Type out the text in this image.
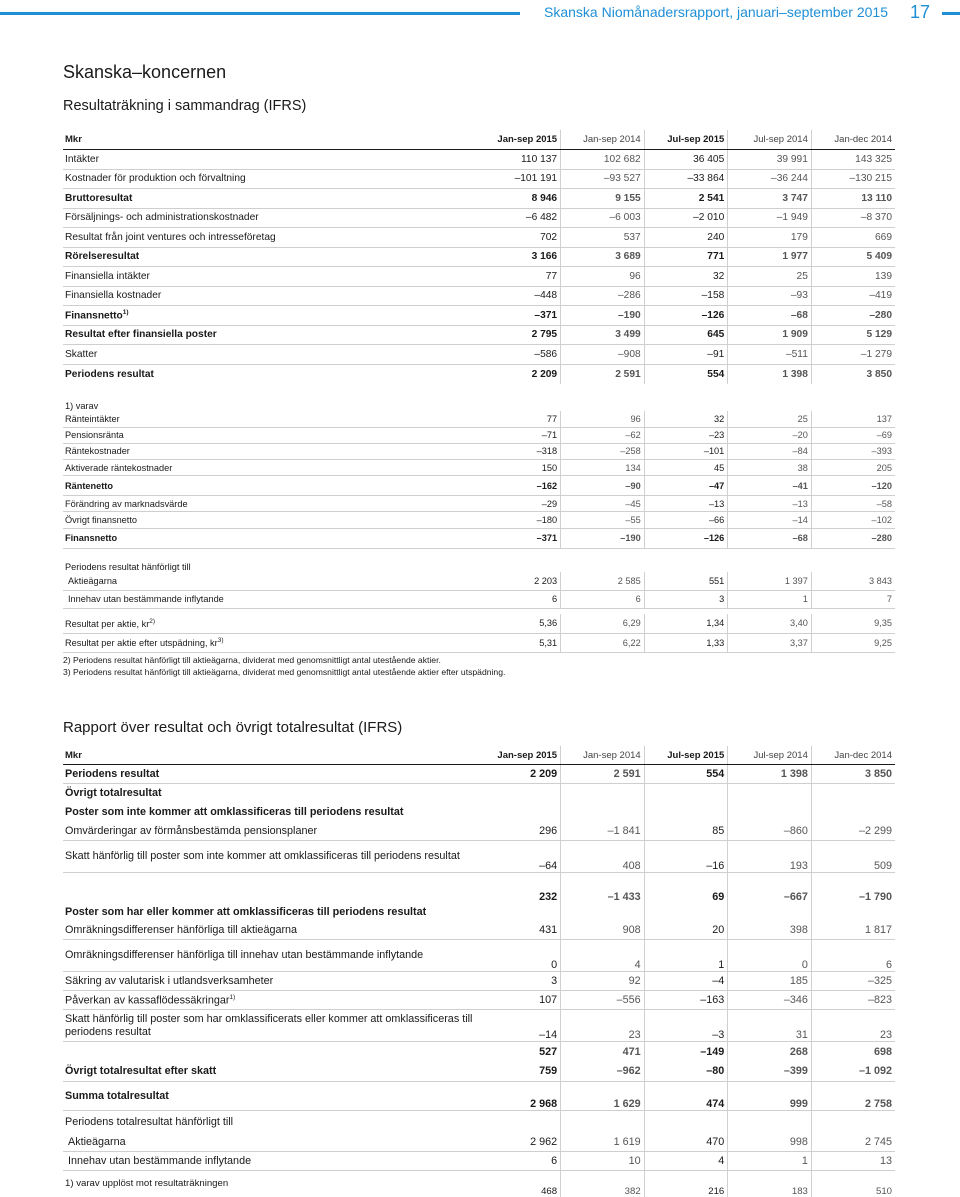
Skanska Niomånadersrapport, januari–september 2015 17
Skanska–koncernen
Resultaträkning i sammandrag (IFRS)
Mkr	Jan-sep 2015	Jan-sep 2014	Jul-sep 2015	Jul-sep 2014	Jan-dec 2014
Intäkter	110 137	102 682	36 405	39 991	143 325
Kostnader för produktion och förvaltning	–101 191	–93 527	–33 864	–36 244	–130 215
Bruttoresultat	8 946	9 155	2 541	3 747	13 110
Försäljnings- och administrationskostnader	–6 482	–6 003	–2 010	–1 949	–8 370
Resultat från joint ventures och intresseföretag	702	537	240	179	669
Rörelseresultat	3 166	3 689	771	1 977	5 409
Finansiella intäkter	77	96	32	25	139
Finansiella kostnader	–448	–286	–158	–93	–419
Finansnetto$^{1)}$	–371	–190	–126	–68	–280
Resultat efter finansiella poster	2 795	3 499	645	1 909	5 129
Skatter	–586	–908	–91	–511	–1 279
Periodens resultat	2 209	2 591	554	1 398	3 850
1) varav					
Ränteintäkter	77	96	32	25	137
Pensionsränta	–71	–62	–23	–20	–69
Räntekostnader	–318	–258	–101	–84	–393
Aktiverade räntekostnader	150	134	45	38	205
Räntenetto	–162	–90	–47	–41	–120
Förändring av marknadsvärde	–29	–45	–13	–13	–58
Övrigt finansnetto	–180	–55	–66	–14	–102
Finansnetto	–371	–190	–126	–68	–280
Periodens resultat hänförligt till					
Aktieägarna	2 203	2 585	551	1 397	3 843
Innehav utan bestämmande inflytande	6	6	3	1	7

Resultat per aktie, $kr^{2)}$	5,36	6,29	1,34	3,40	9,35
Resultat per aktie efter utspädning, $kr^{3)}$	5,31	6,22	1,33	3,37	9,25
2) Periodens resultat hänförligt till aktieägarna, dividerat med genomsnittligt antal utestående aktier.
3) Periodens resultat hänförligt till aktieägarna, dividerat med genomsnittligt antal utestående aktier efter utspädning.
Rapport över resultat och övrigt totalresultat (IFRS)
Mkr	Jan-sep 2015	Jan-sep 2014	Jul-sep 2015	Jul-sep 2014	Jan-dec 2014
Periodens resultat	2 209	2 591	554	1 398	3 850
Övrigt totalresultat					
Poster som inte kommer att omklassificeras till periodens resultat					
Omvärderingar av förmånsbestämda pensionsplaner	296	–1 841	85	–860	–2 299
Skatt hänförlig till poster som inte kommer att omklassificeras till periodens resultat	–64	408	–16	193	509
	232	–1 433	69	–667	–1 790
Poster som har eller kommer att omklassificeras till periodens resultat					
Omräkningsdifferenser hänförliga till aktieägarna	431	908	20	398	1 817
Omräkningsdifferenser hänförliga till innehav utan bestämmande inflytande	0	4	1	0	6
Säkring av valutarisk i utlandsverksamheter	3	92	–4	185	–325
Påverkan av kassaflödessäkringar$^{1)}$	107	–556	–163	–346	–823
Skatt hänförlig till poster som har omklassificerats eller kommer att omklassificeras till periodens resultat	–14	23	–3	31	23
	527	471	–149	268	698
Övrigt totalresultat efter skatt	759	–962	–80	–399	–1 092
Summa totalresultat	2 968	1 629	474	999	2 758
Periodens totalresultat hänförligt till					
Aktieägarna	2 962	1 619	470	998	2 745
Innehav utan bestämmande inflytande	6	10	4	1	13
1) varav upplöst mot resultaträkningen	468	382	216	183	510
